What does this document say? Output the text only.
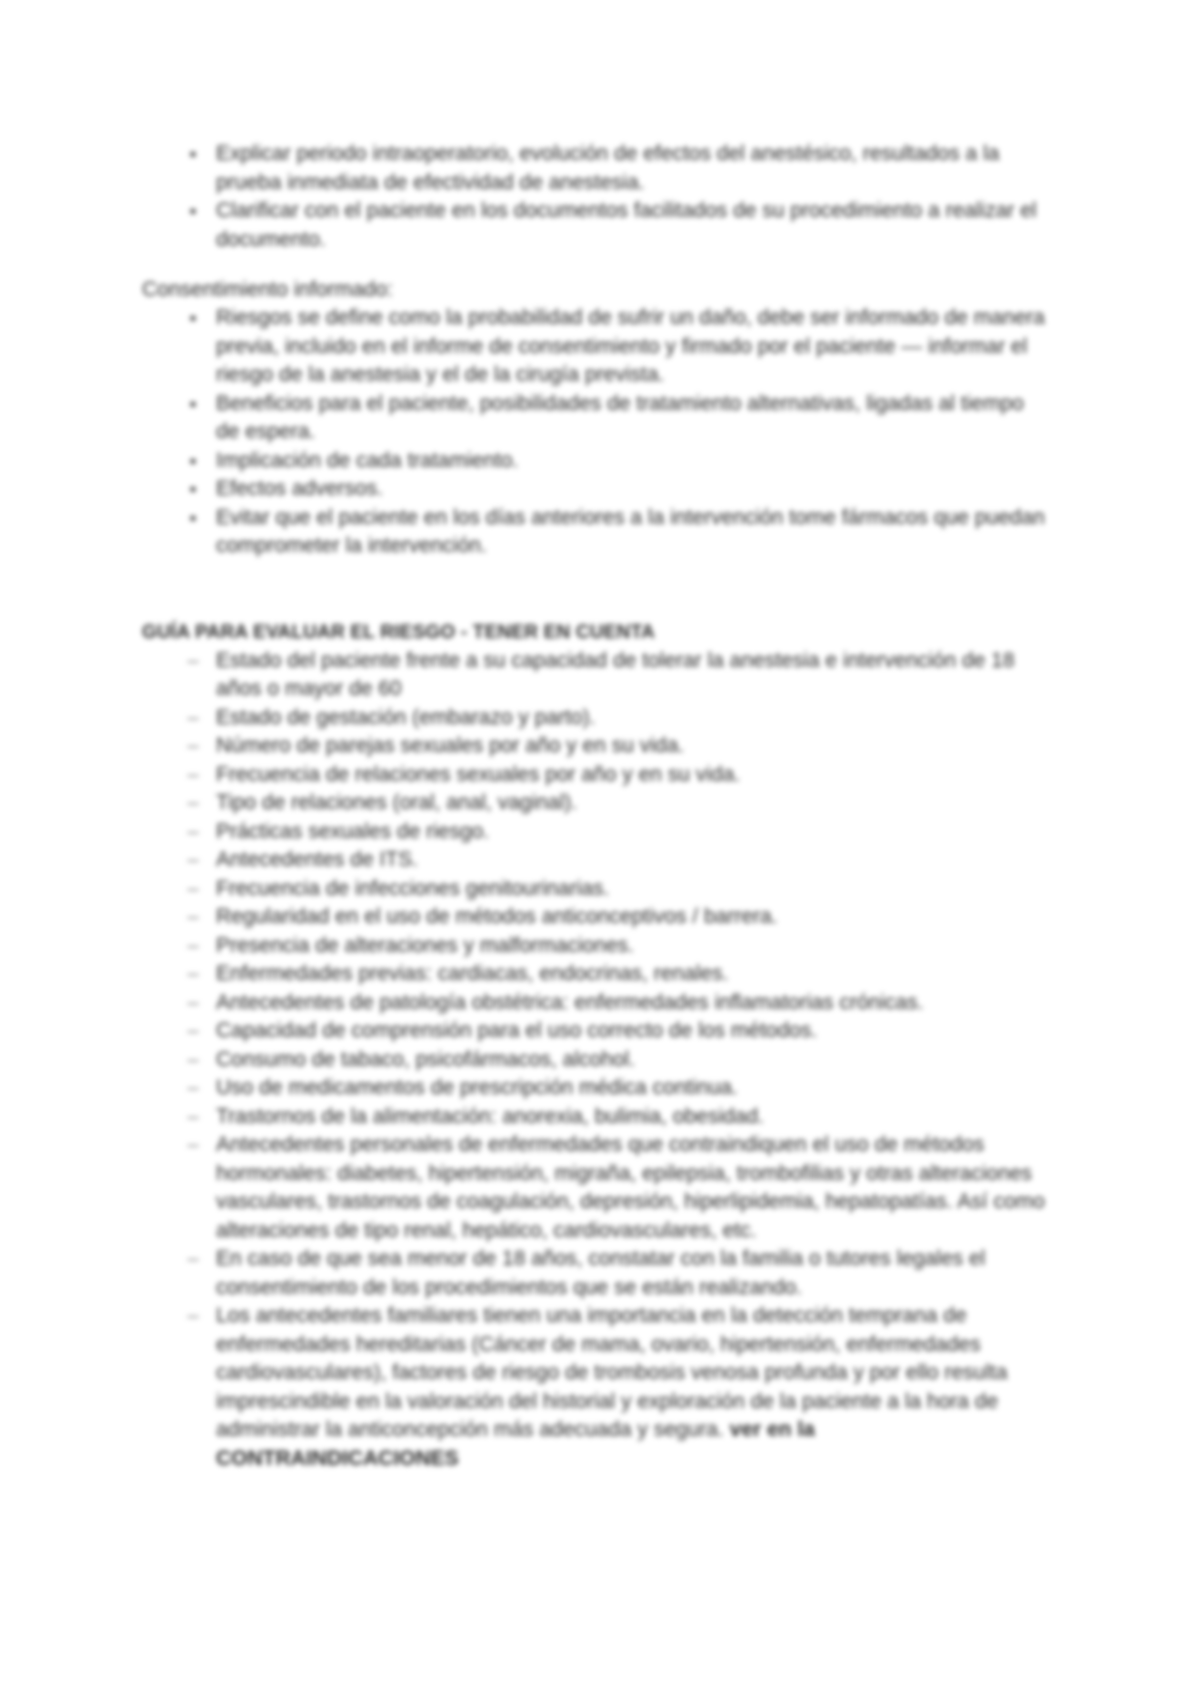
▪ Explicar periodo intraoperatorio, evolución de efectos del anestésico, resultados a la prueba inmediata de efectividad de anestesia.
▪ Clarificar con el paciente en los documentos facilitados de su procedimiento a realizar el documento.

Consentimiento informado:

▪ Riesgos se define como la probabilidad de sufrir un daño, debe ser informado de manera previa, incluido en el informe de consentimiento y firmado por el paciente — informar el riesgo de la anestesia y el de la cirugía prevista.
▪ Beneficios para el paciente, posibilidades de tratamiento alternativas, ligadas al tiempo de espera.
▪ Implicación de cada tratamiento.
▪ Efectos adversos.
▪ Evitar que el paciente en los días anteriores a la intervención tome fármacos que puedan comprometer la intervención.

GUÍA PARA EVALUAR EL RIESGO - TENER EN CUENTA

– Estado del paciente frente a su capacidad de tolerar la anestesia e intervención de 18 años o mayor de 60
– Estado de gestación (embarazo y parto).
– Número de parejas sexuales por año y en su vida.
– Frecuencia de relaciones sexuales por año y en su vida.
– Tipo de relaciones (oral, anal, vaginal).
– Prácticas sexuales de riesgo.
– Antecedentes de ITS.
– Frecuencia de infecciones genitourinarias.
– Regularidad en el uso de métodos anticonceptivos / barrera.
– Presencia de alteraciones y malformaciones.
– Enfermedades previas: cardiacas, endocrinas, renales.
– Antecedentes de patología obstétrica: enfermedades inflamatorias crónicas.
– Capacidad de comprensión para el uso correcto de los métodos.
– Consumo de tabaco, psicofármacos, alcohol.
– Uso de medicamentos de prescripción médica continua.
– Trastornos de la alimentación: anorexia, bulimia, obesidad.
– Antecedentes personales de enfermedades que contraindiquen el uso de métodos hormonales: diabetes, hipertensión, migraña, epilepsia, trombofilias y otras alteraciones vasculares, trastornos de coagulación, depresión, hiperlipidemia, hepatopatías. Así como alteraciones de tipo renal, hepático, cardiovasculares, etc.
– En caso de que sea menor de 18 años, constatar con la familia o tutores legales el consentimiento de los procedimientos que se están realizando.
– Los antecedentes familiares tienen una importancia en la detección temprana de enfermedades hereditarias (Cáncer de mama, ovario, hipertensión, enfermedades cardiovasculares), factores de riesgo de trombosis venosa profunda y por ello resulta imprescindible en la valoración del historial y exploración de la paciente a la hora de administrar la anticoncepción más adecuada y segura. ver en la CONTRAINDICACIONES
